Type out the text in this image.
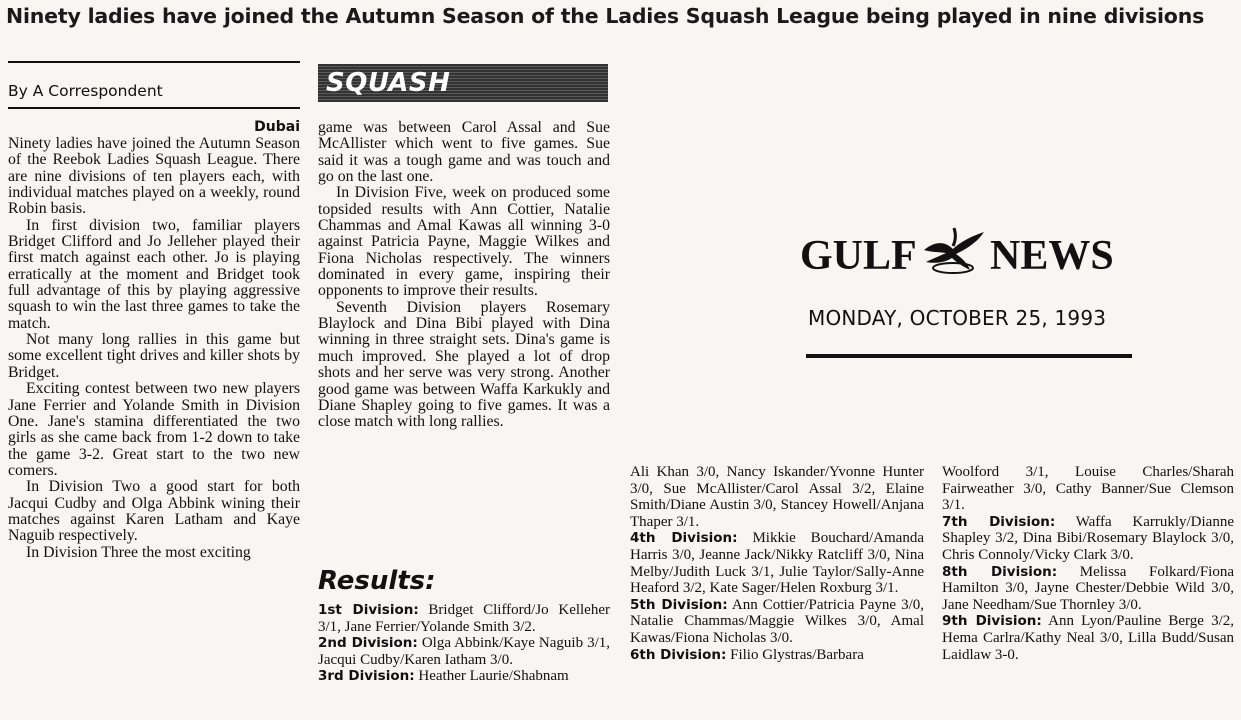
Ninety ladies have joined the Autumn Season of the Ladies Squash League being played in nine divisions
By A Correspondent	SQUASH
Dubai

Ninety ladies have joined the Autumn Season of the Reebok Ladies Squash League. There are nine divisions of ten players each, with individual matches played on a weekly, round Robin basis.

In first division two, familiar players Bridget Clifford and Jo Jelleher played their first match against each other. Jo is playing erratically at the moment and Bridget took full advantage of this by playing aggressive squash to win the last three games to take the match.

Not many long rallies in this game but some excellent tight drives and killer shots by Bridget.

Exciting contest between two new players Jane Ferrier and Yolande Smith in Division One. Jane's stamina differentiated the two girls as she came back from 1-2 down to take the game 3-2. Great start to the two new comers.

In Division Two a good start for both Jacqui Cudby and Olga Abbink wining their matches against Karen Latham and Kaye Naguib respectively.

In Division Three the most exciting

game was between Carol Assal and Sue McAllister which went to five games. Sue said it was a tough game and was touch and go on the last one.

In Division Five, week on produced some topsided results with Ann Cottier, Natalie Chammas and Amal Kawas all winning 3-0 against Patricia Payne, Maggie Wilkes and Fiona Nicholas respectively. The winners dominated in every game, inspiring their opponents to improve their results.

Seventh Division players Rosemary Blaylock and Dina Bibi played with Dina winning in three straight sets. Dina's game is much improved. She played a lot of drop shots and her serve was very strong. Another good game was between Waffa Karkukly and Diane Shapley going to five games. It was a close match with long rallies.

Results:
1st Division: Bridget Clifford/Jo Kelleher 3/1, Jane Ferrier/Yolande Smith 3/2.
2nd Division: Olga Abbink/Kaye Naguib 3/1, Jacqui Cudby/Karen Iatham 3/0.
3rd Division: Heather Laurie/Shabnam
Ali Khan 3/0, Nancy Iskander/Yvonne Hunter 3/0, Sue McAllister/Carol Assal 3/2, Elaine Smith/Diane Austin 3/0, Stancey Howell/Anjana Thaper 3/1.
4th Division: Mikkie Bouchard/Amanda Harris 3/0, Jeanne Jack/Nikky Ratcliff 3/0, Nina Melby/Judith Luck 3/1, Julie Taylor/Sally-Anne Heaford 3/2, Kate Sager/Helen Roxburg 3/1.
5th Division: Ann Cottier/Patricia Payne 3/0, Natalie Chammas/Maggie Wilkes 3/0, Amal Kawas/Fiona Nicholas 3/0.
6th Division: Filio Glystras/Barbara
Woolford 3/1, Louise Charles/Sharah Fairweather 3/0, Cathy Banner/Sue Clemson 3/1.
7th Division: Waffa Karrukly/Dianne Shapley 3/2, Dina Bibi/Rosemary Blaylock 3/0, Chris Connoly/Vicky Clark 3/0.
8th Division: Melissa Folkard/Fiona Hamilton 3/0, Jayne Chester/Debbie Wild 3/0, Jane Needham/Sue Thornley 3/0.
9th Division: Ann Lyon/Pauline Berge 3/2, Hema Carlra/Kathy Neal 3/0, Lilla Budd/Susan Laidlaw 3-0.
GULF NEWS
MONDAY, OCTOBER 25, 1993
